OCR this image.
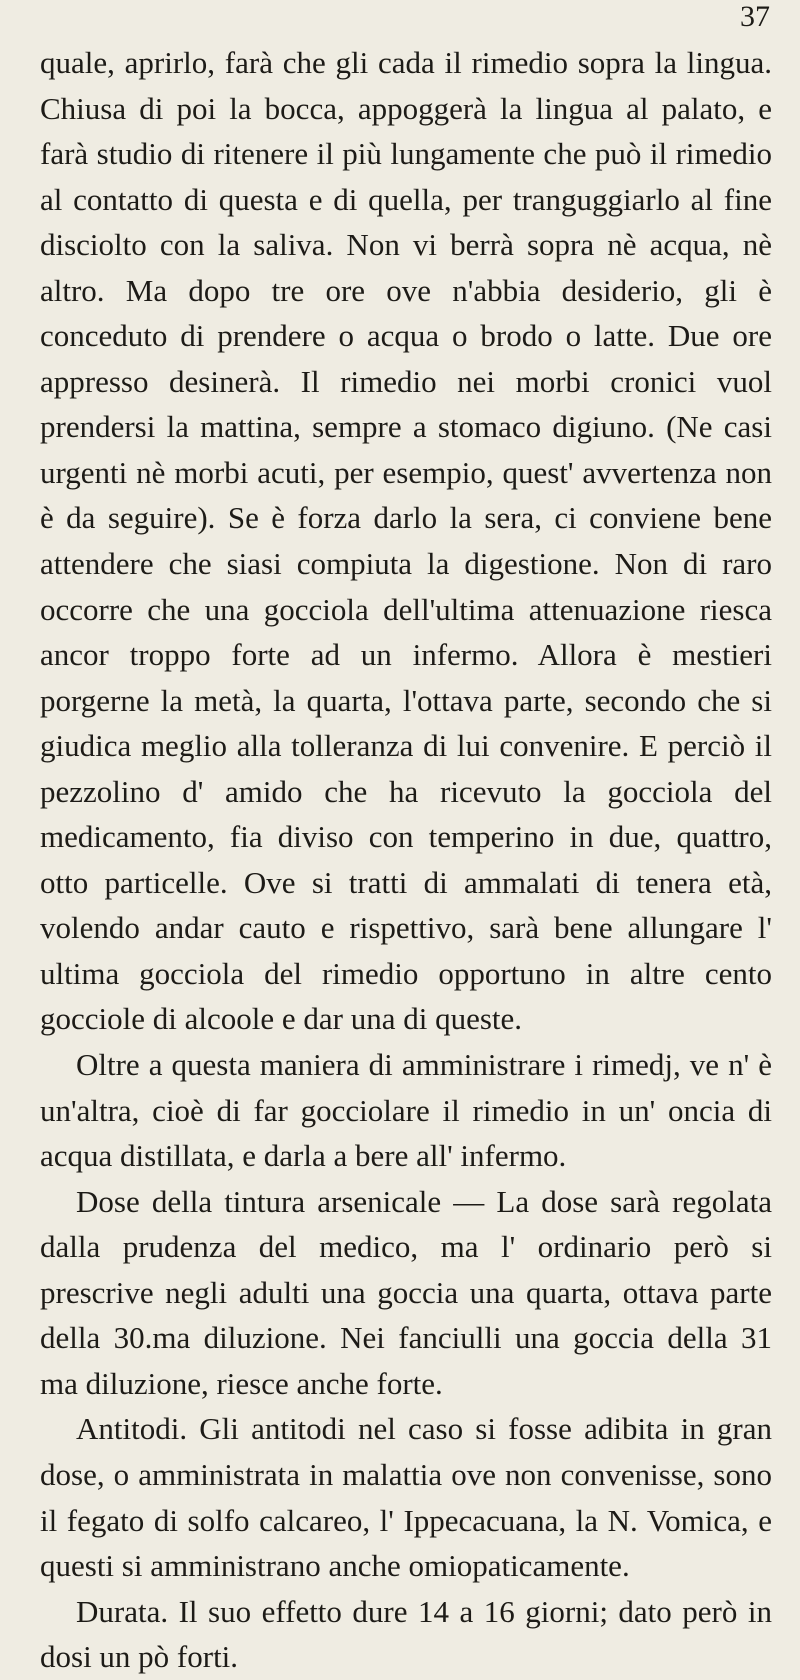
37

quale, aprirlo, farà che gli cada il rimedio sopra la lingua. Chiusa di poi la bocca, appoggerà la lingua al palato, e farà studio di ritenere il più lungamente che può il rimedio al contatto di questa e di quella, per tranguggiarlo al fine disciolto con la saliva. Non vi berrà sopra nè acqua, nè altro. Ma dopo tre ore ove n'abbia desiderio, gli è conceduto di prendere o acqua o brodo o latte. Due ore appresso desinerà. Il rimedio nei morbi cronici vuol prendersi la mattina, sempre a stomaco digiuno. (Ne casi urgenti nè morbi acuti, per esempio, quest' avvertenza non è da seguire). Se è forza darlo la sera, ci conviene bene attendere che siasi compiuta la digestione. Non di raro occorre che una gocciola dell'ultima attenuazione riesca ancor troppo forte ad un infermo. Allora è mestieri porgerne la metà, la quarta, l'ottava parte, secondo che si giudica meglio alla tolleranza di lui convenire. E perciò il pezzolino d' amido che ha ricevuto la gocciola del medicamento, fia diviso con temperino in due, quattro, otto particelle. Ove si tratti di ammalati di tenera età, volendo andar cauto e rispettivo, sarà bene allungare l' ultima gocciola del rimedio opportuno in altre cento gocciole di alcoole e dar una di queste.

Oltre a questa maniera di amministrare i rimedj, ve n' è un'altra, cioè di far gocciolare il rimedio in un' oncia di acqua distillata, e darla a bere all' infermo.

Dose della tintura arsenicale — La dose sarà regolata dalla prudenza del medico, ma l' ordinario però si prescrive negli adulti una goccia una quarta, ottava parte della 30.ma diluzione. Nei fanciulli una goccia della 31 ma diluzione, riesce anche forte.

Antitodi. Gli antitodi nel caso si fosse adibita in gran dose, o amministrata in malattia ove non convenisse, sono il fegato di solfo calcareo, l' Ippecacuana, la N. Vomica, e questi si amministrano anche omiopaticamente.

Durata. Il suo effetto dure 14 a 16 giorni; dato però in dosi un pò forti.
